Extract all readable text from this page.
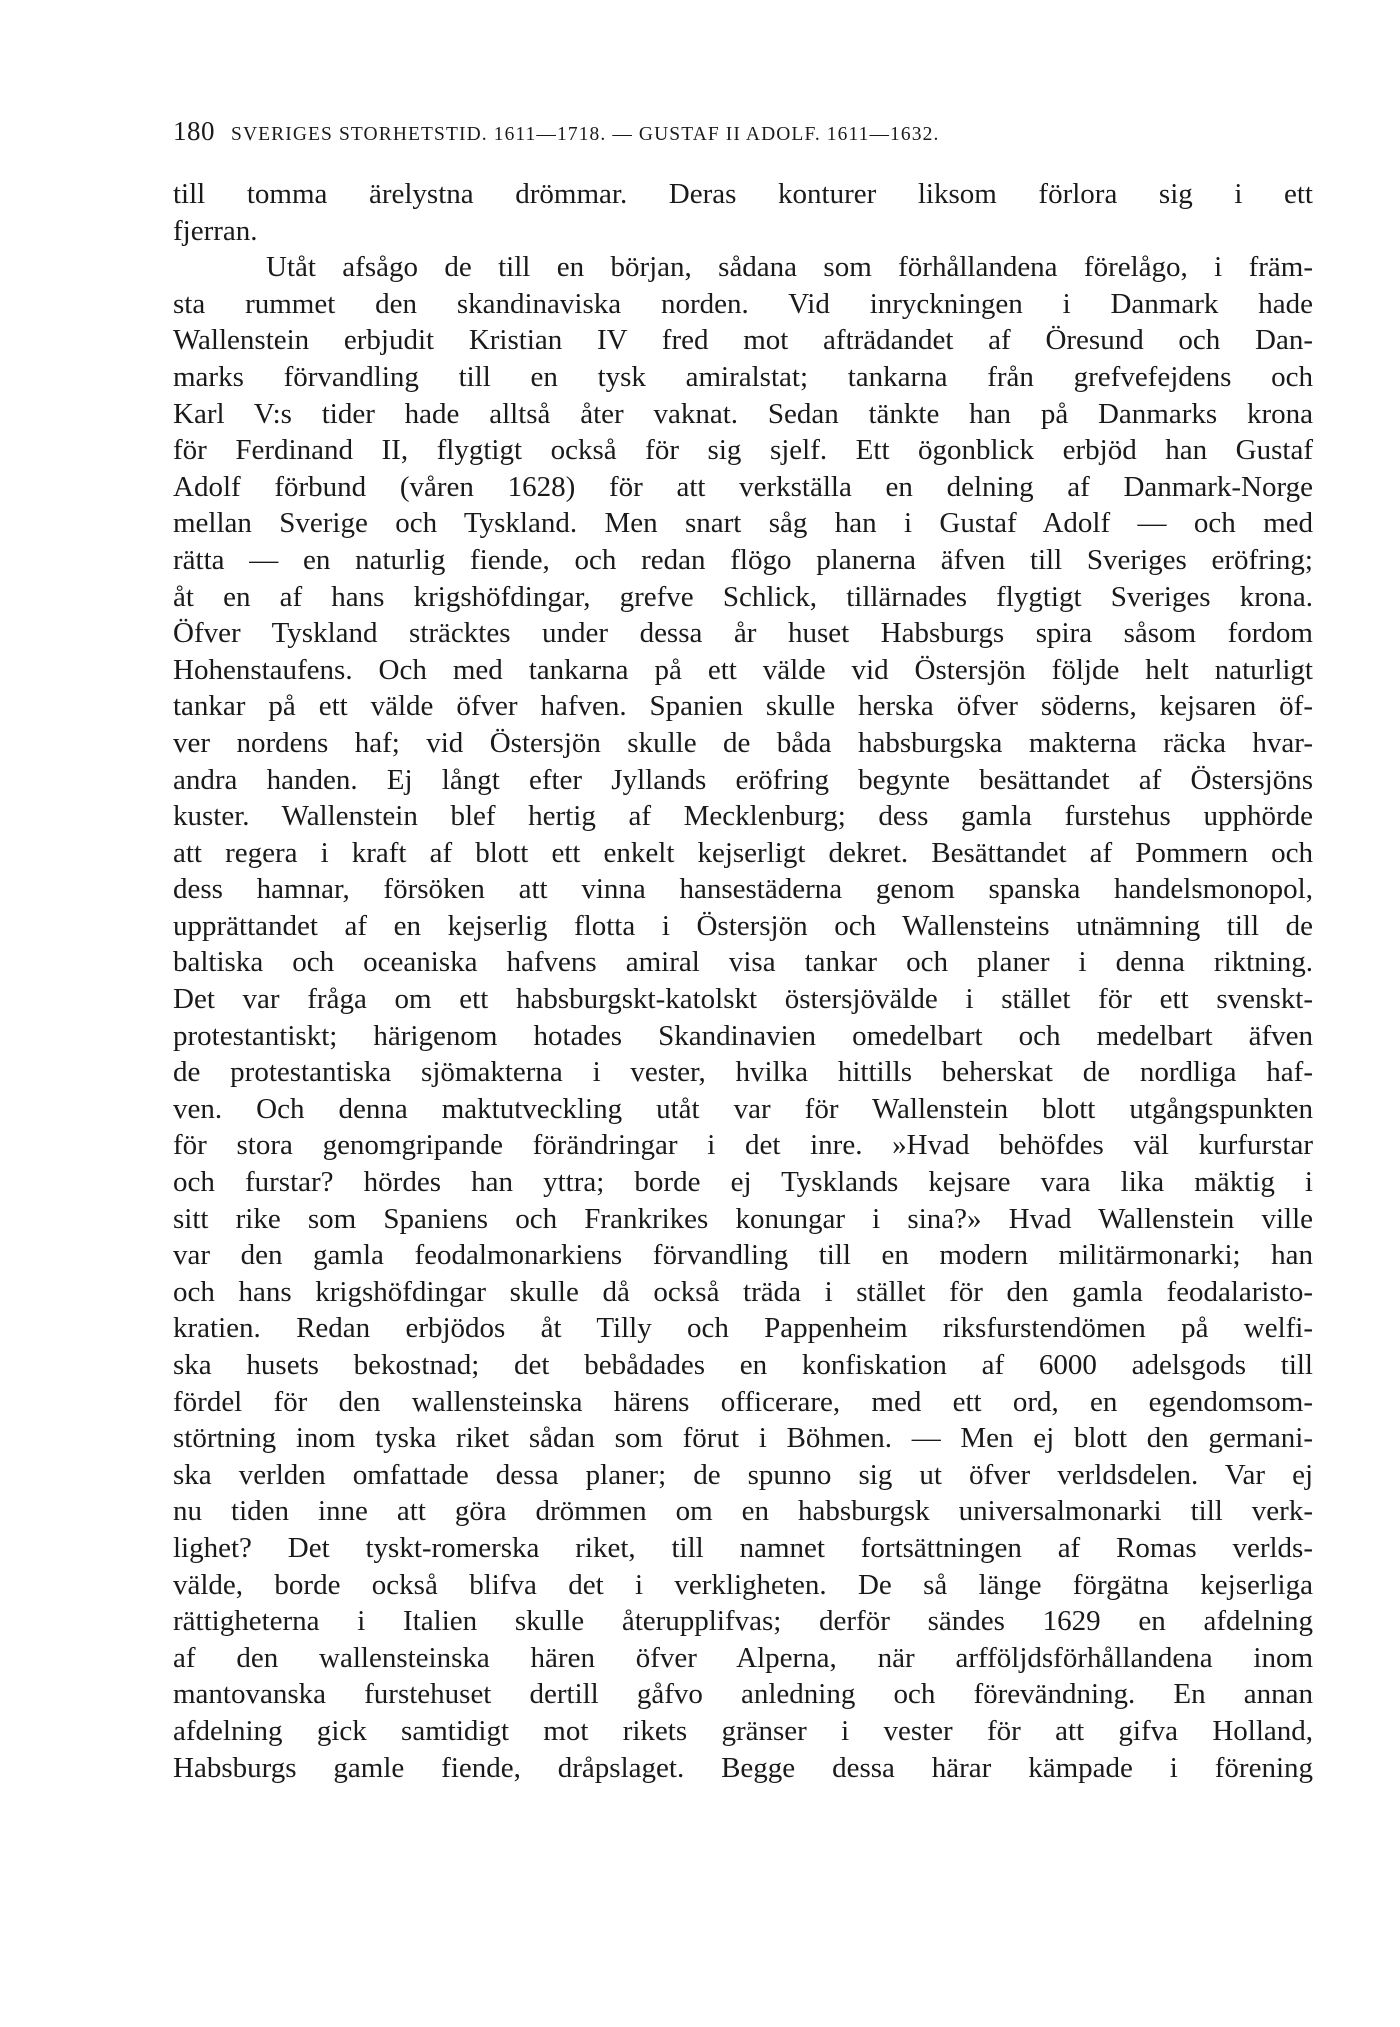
180 SVERIGES STORHETSTID. 1611—1718. — GUSTAF II ADOLF. 1611—1632.
till tomma ärelystna drömmar. Deras konturer liksom förlora sig i ett
fjerran.
Utåt afsågo de till en början, sådana som förhållandena förelågo, i främ-
sta rummet den skandinaviska norden. Vid inryckningen i Danmark hade
Wallenstein erbjudit Kristian IV fred mot afträdandet af Öresund och Dan-
marks förvandling till en tysk amiralstat; tankarna från grefvefejdens och
Karl V:s tider hade alltså åter vaknat. Sedan tänkte han på Danmarks krona
för Ferdinand II, flygtigt också för sig sjelf. Ett ögonblick erbjöd han Gustaf
Adolf förbund (våren 1628) för att verkställa en delning af Danmark-Norge
mellan Sverige och Tyskland. Men snart såg han i Gustaf Adolf — och med
rätta — en naturlig fiende, och redan flögo planerna äfven till Sveriges eröfring;
åt en af hans krigshöfdingar, grefve Schlick, tillärnades flygtigt Sveriges krona.
Öfver Tyskland sträcktes under dessa år huset Habsburgs spira såsom fordom
Hohenstaufens. Och med tankarna på ett välde vid Östersjön följde helt naturligt
tankar på ett välde öfver hafven. Spanien skulle herska öfver söderns, kejsaren öf-
ver nordens haf; vid Östersjön skulle de båda habsburgska makterna räcka hvar-
andra handen. Ej långt efter Jyllands eröfring begynte besättandet af Östersjöns
kuster. Wallenstein blef hertig af Mecklenburg; dess gamla furstehus upphörde
att regera i kraft af blott ett enkelt kejserligt dekret. Besättandet af Pommern och
dess hamnar, försöken att vinna hansestäderna genom spanska handelsmonopol,
upprättandet af en kejserlig flotta i Östersjön och Wallensteins utnämning till de
baltiska och oceaniska hafvens amiral visa tankar och planer i denna riktning.
Det var fråga om ett habsburgskt-katolskt östersjövälde i stället för ett svenskt-
protestantiskt; härigenom hotades Skandinavien omedelbart och medelbart äfven
de protestantiska sjömakterna i vester, hvilka hittills beherskat de nordliga haf-
ven. Och denna maktutveckling utåt var för Wallenstein blott utgångspunkten
för stora genomgripande förändringar i det inre. »Hvad behöfdes väl kurfurstar
och furstar? hördes han yttra; borde ej Tysklands kejsare vara lika mäktig i
sitt rike som Spaniens och Frankrikes konungar i sina?» Hvad Wallenstein ville
var den gamla feodalmonarkiens förvandling till en modern militärmonarki; han
och hans krigshöfdingar skulle då också träda i stället för den gamla feodalaristo-
kratien. Redan erbjödos åt Tilly och Pappenheim riksfurstendömen på welfi-
ska husets bekostnad; det bebådades en konfiskation af 6000 adelsgods till
fördel för den wallensteinska härens officerare, med ett ord, en egendomsom-
störtning inom tyska riket sådan som förut i Böhmen. — Men ej blott den germani-
ska verlden omfattade dessa planer; de spunno sig ut öfver verldsdelen. Var ej
nu tiden inne att göra drömmen om en habsburgsk universalmonarki till verk-
lighet? Det tyskt-romerska riket, till namnet fortsättningen af Romas verlds-
välde, borde också blifva det i verkligheten. De så länge förgätna kejserliga
rättigheterna i Italien skulle återupplifvas; derför sändes 1629 en afdelning
af den wallensteinska hären öfver Alperna, när arfföljdsförhållandena inom
mantovanska furstehuset dertill gåfvo anledning och förevändning. En annan
afdelning gick samtidigt mot rikets gränser i vester för att gifva Holland,
Habsburgs gamle fiende, dråpslaget. Begge dessa härar kämpade i förening
